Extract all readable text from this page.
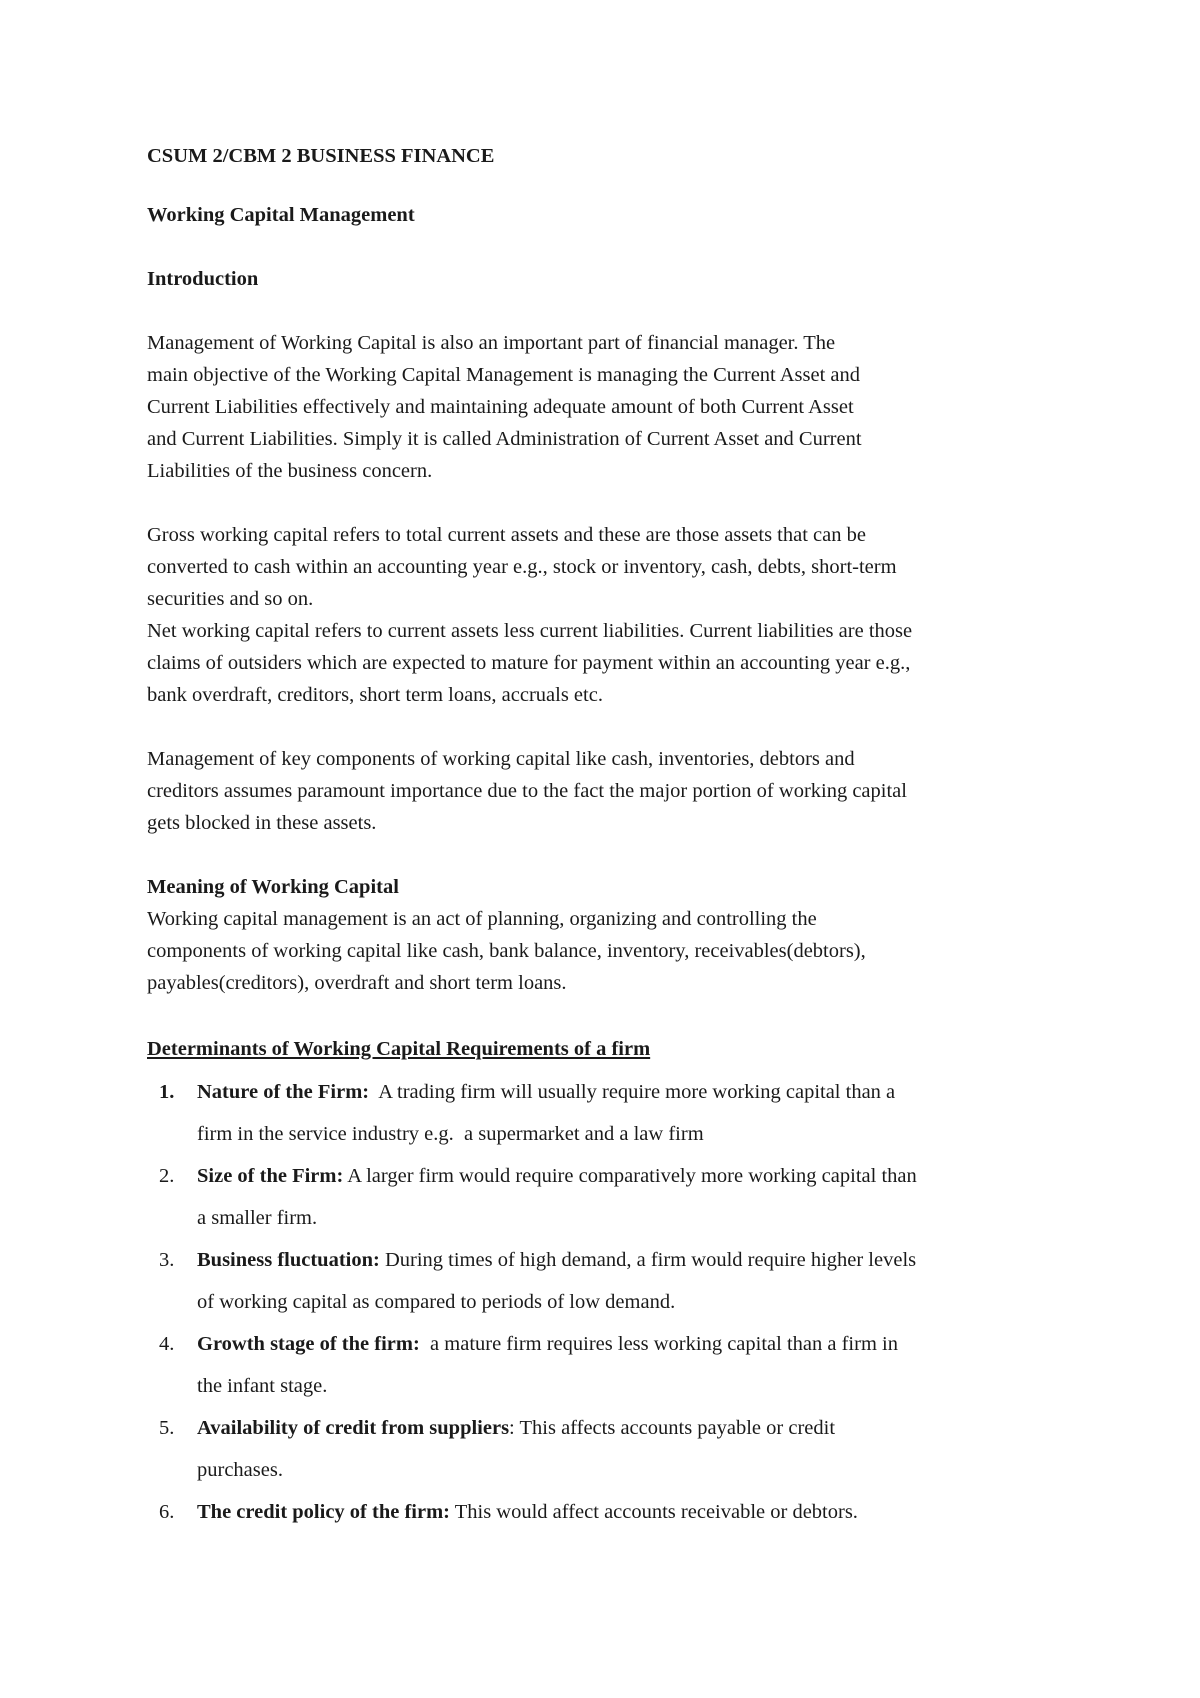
CSUM 2/CBM 2 BUSINESS FINANCE
Working Capital Management
Introduction
Management of Working Capital is also an important part of financial manager. The
main objective of the Working Capital Management is managing the Current Asset and
Current Liabilities effectively and maintaining adequate amount of both Current Asset
and Current Liabilities. Simply it is called Administration of Current Asset and Current
Liabilities of the business concern.
Gross working capital refers to total current assets and these are those assets that can be
converted to cash within an accounting year e.g., stock or inventory, cash, debts, short-term
securities and so on.
Net working capital refers to current assets less current liabilities. Current liabilities are those
claims of outsiders which are expected to mature for payment within an accounting year e.g.,
bank overdraft, creditors, short term loans, accruals etc.
Management of key components of working capital like cash, inventories, debtors and
creditors assumes paramount importance due to the fact the major portion of working capital
gets blocked in these assets.
Meaning of Working Capital
Working capital management is an act of planning, organizing and controlling the
components of working capital like cash, bank balance, inventory, receivables(debtors),
payables(creditors), overdraft and short term loans.
Determinants of Working Capital Requirements of a firm
1. Nature of the Firm:  A trading firm will usually require more working capital than a
firm in the service industry e.g.  a supermarket and a law firm
2. Size of the Firm: A larger firm would require comparatively more working capital than
a smaller firm.
3. Business fluctuation: During times of high demand, a firm would require higher levels
of working capital as compared to periods of low demand.
4. Growth stage of the firm:  a mature firm requires less working capital than a firm in
the infant stage.
5. Availability of credit from suppliers: This affects accounts payable or credit
purchases.
6. The credit policy of the firm: This would affect accounts receivable or debtors.
